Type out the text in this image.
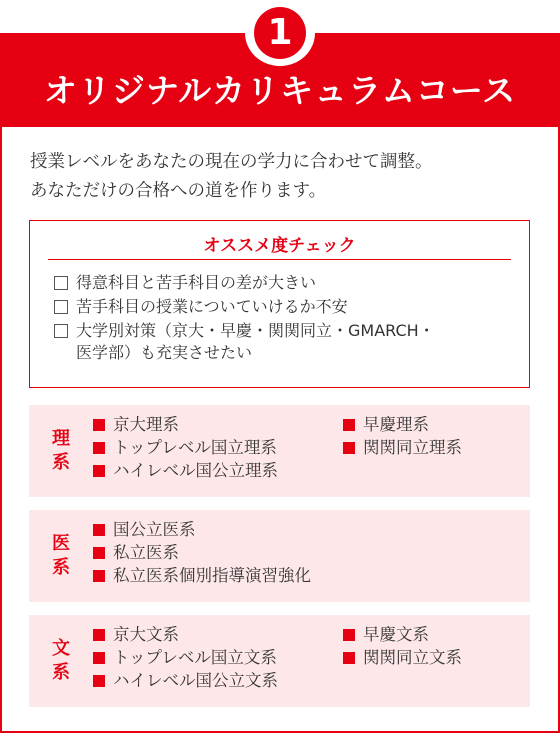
オリジナルカリキュラムコース

授業レベルをあなたの現在の学力に合わせて調整。

あなただけの合格への道を作ります。

1
オススメ度チェック
得意科目と苦手科目の差が大きい
苦手科目の授業についていけるか不安
大学別対策（京大・早慶・関関同立・GMARCH・
医学部）も充実させたい
理
系
京大理系	早慶理系
トップレベル国立理系	関関同立理系
ハイレベル国公立理系
医
系
国公立医系
私立医系
私立医系個別指導演習強化
文
系
京大文系	早慶文系
トップレベル国立文系	関関同立文系
ハイレベル国公立文系
